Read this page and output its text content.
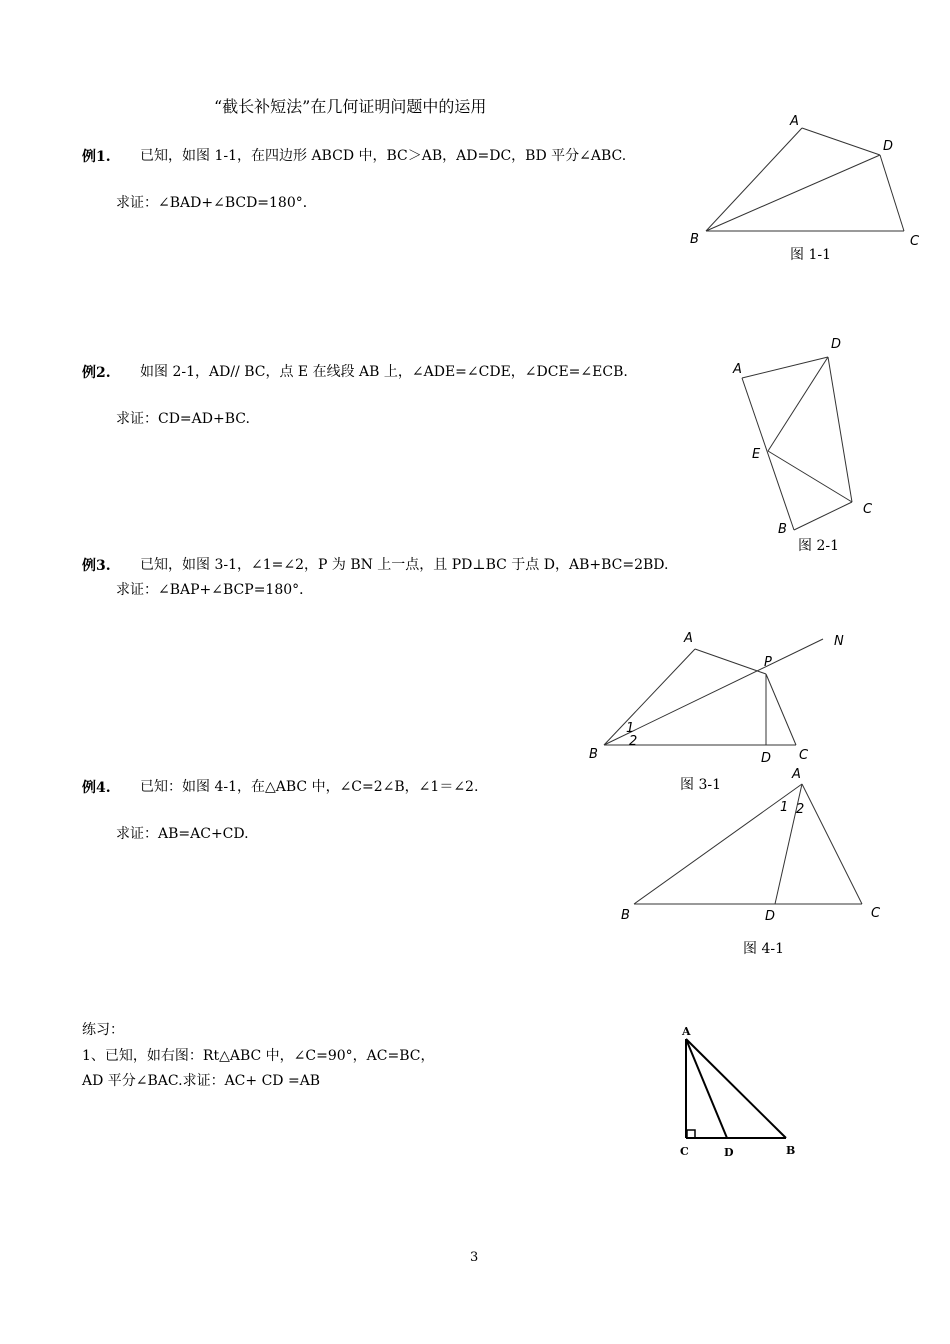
“截长补短法”在几何证明问题中的运用
例1. 已知，如图 1-1，在四边形 ABCD 中，BC＞AB，AD=DC，BD 平分∠ABC.
求证：∠BAD+∠BCD=180°．
A
B	C
D
图 1-1
例2. 如图 2-1，AD// BC，点 E 在线段 AB 上，∠ADE=∠CDE，∠DCE=∠ECB.
求证：CD=AD+BC.
A
B
C
D
E
图 2-1
例3. 已知，如图 3-1，∠1=∠2，P 为 BN 上一点，且 PD⊥BC 于点 D，AB+BC=2BD.
求证：∠BAP+∠BCP=180°．
A
B	C
D
P
N
1
2
例4. 已知：如图 4-1，在△ABC 中，∠C=2∠B，∠1＝∠2.	图 3-1
求证：AB=AC+CD.
A
B	C
D
1 2
图 4-1
练习：
1、已知，如右图：Rt△ABC 中，∠C=90°，AC=BC，
AD 平分∠BAC.求证：AC+ CD =AB
A
C	D	B
3
